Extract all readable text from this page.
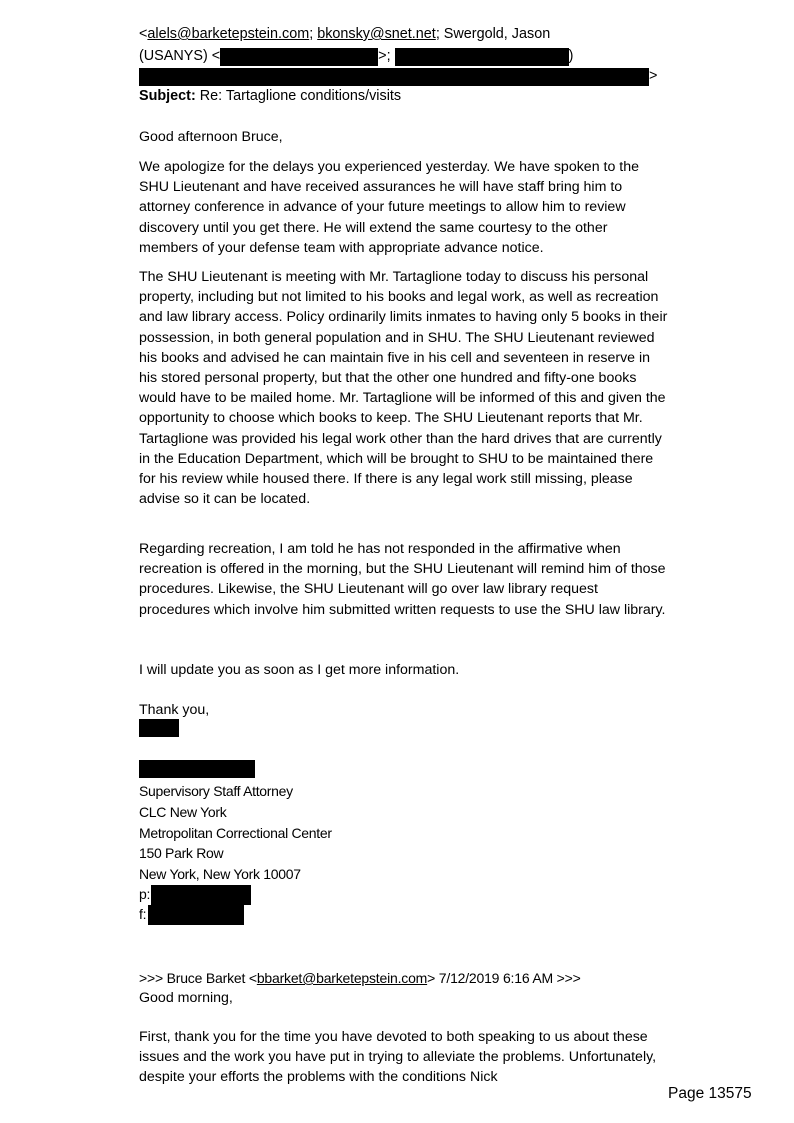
<alels@barketepstein.com; bkonsky@snet.net; Swergold, Jason
(USANYS) <	>;	)
>
Subject: Re: Tartaglione conditions/visits
Good afternoon Bruce,

We apologize for the delays you experienced yesterday. We have spoken to the SHU Lieutenant and have received assurances he will have staff bring him to attorney conference in advance of your future meetings to allow him to review discovery until you get there. He will extend the same courtesy to the other members of your defense team with appropriate advance notice.

The SHU Lieutenant is meeting with Mr. Tartaglione today to discuss his personal property, including but not limited to his books and legal work, as well as recreation and law library access. Policy ordinarily limits inmates to having only 5 books in their possession, in both general population and in SHU. The SHU Lieutenant reviewed his books and advised he can maintain five in his cell and seventeen in reserve in his stored personal property, but that the other one hundred and fifty-one books would have to be mailed home. Mr. Tartaglione will be informed of this and given the opportunity to choose which books to keep. The SHU Lieutenant reports that Mr. Tartaglione was provided his legal work other than the hard drives that are currently in the Education Department, which will be brought to SHU to be maintained there for his review while housed there. If there is any legal work still missing, please advise so it can be located.

Regarding recreation, I am told he has not responded in the affirmative when recreation is offered in the morning, but the SHU Lieutenant will remind him of those procedures. Likewise, the SHU Lieutenant will go over law library request procedures which involve him submitted written requests to use the SHU law library.

I will update you as soon as I get more information.
Thank you,
Supervisory Staff Attorney
CLC New York
Metropolitan Correctional Center
150 Park Row
New York, New York 10007
p:
f:
>>> Bruce Barket <bbarket@barketepstein.com> 7/12/2019 6:16 AM >>>
Good morning,

First, thank you for the time you have devoted to both speaking to us about these issues and the work you have put in trying to alleviate the problems. Unfortunately, despite your efforts the problems with the conditions Nick

Page 13575
